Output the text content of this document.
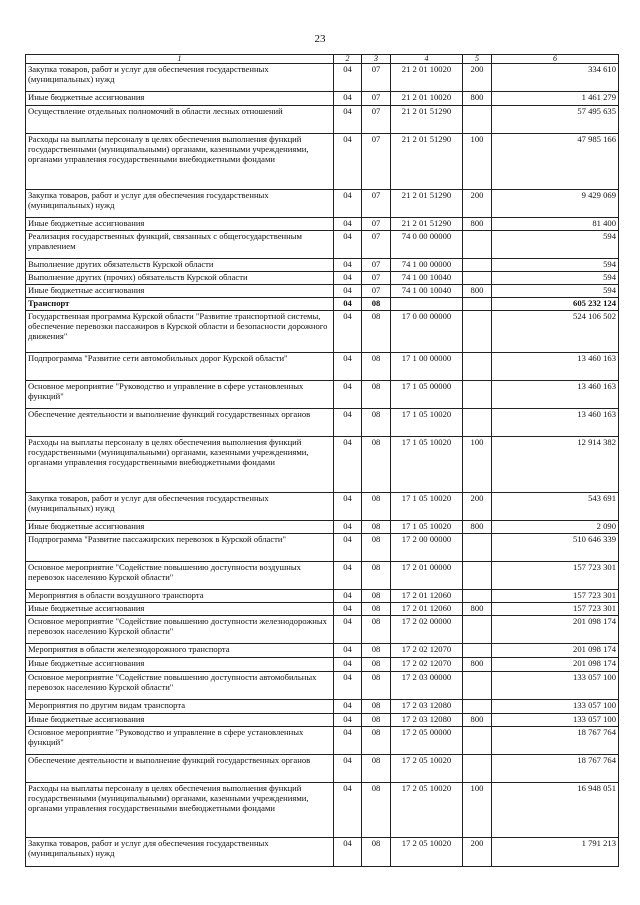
23
1	2	3	4	5	6
Закупка товаров, работ и услуг для обеспечения государственных (муниципальных) нужд	04	07	21 2 01 10020	200	334 610
Иные бюджетные ассигнования	04	07	21 2 01 10020	800	1 461 279
Осуществление отдельных полномочий в области лесных отношений	04	07	21 2 01 51290		57 495 635
Расходы на выплаты персоналу в целях обеспечения выполнения функций государственными (муниципальными) органами, казенными учреждениями, органами управления государственными внебюджетными фондами	04	07	21 2 01 51290	100	47 985 166
Закупка товаров, работ и услуг для обеспечения государственных (муниципальных) нужд	04	07	21 2 01 51290	200	9 429 069
Иные бюджетные ассигнования	04	07	21 2 01 51290	800	81 400
Реализация государственных функций, связанных с общегосударственным управлением	04	07	74 0 00 00000		594
Выполнение других обязательств Курской области	04	07	74 1 00 00000		594
Выполнение других (прочих) обязательств Курской области	04	07	74 1 00 10040		594
Иные бюджетные ассигнования	04	07	74 1 00 10040	800	594
Транспорт	04	08			605 232 124
Государственная программа Курской области "Развитие транспортной системы, обеспечение перевозки пассажиров в Курской области и безопасности дорожного движения"	04	08	17 0 00 00000		524 106 502
Подпрограмма "Развитие сети автомобильных дорог Курской области"	04	08	17 1 00 00000		13 460 163
Основное мероприятие "Руководство и управление в сфере установленных функций"	04	08	17 1 05 00000		13 460 163
Обеспечение деятельности и выполнение функций государственных органов	04	08	17 1 05 10020		13 460 163
Расходы на выплаты персоналу в целях обеспечения выполнения функций государственными (муниципальными) органами, казенными учреждениями, органами управления государственными внебюджетными фондами	04	08	17 1 05 10020	100	12 914 382
Закупка товаров, работ и услуг для обеспечения государственных (муниципальных) нужд	04	08	17 1 05 10020	200	543 691
Иные бюджетные ассигнования	04	08	17 1 05 10020	800	2 090
Подпрограмма "Развитие пассажирских перевозок в Курской области"	04	08	17 2 00 00000		510 646 339
Основное мероприятие "Содействие повышению доступности воздушных перевозок населению Курской области"	04	08	17 2 01 00000		157 723 301
Мероприятия в области воздушного транспорта	04	08	17 2 01 12060		157 723 301
Иные бюджетные ассигнования	04	08	17 2 01 12060	800	157 723 301
Основное мероприятие "Содействие повышению доступности железнодорожных перевозок населению Курской области"	04	08	17 2 02 00000		201 098 174
Мероприятия в области железнодорожного транспорта	04	08	17 2 02 12070		201 098 174
Иные бюджетные ассигнования	04	08	17 2 02 12070	800	201 098 174
Основное мероприятие "Содействие повышению доступности автомобильных перевозок населению Курской области"	04	08	17 2 03 00000		133 057 100
Мероприятия по другим видам транспорта	04	08	17 2 03 12080		133 057 100
Иные бюджетные ассигнования	04	08	17 2 03 12080	800	133 057 100
Основное мероприятие "Руководство и управление в сфере установленных функций"	04	08	17 2 05 00000		18 767 764
Обеспечение деятельности и выполнение функций государственных органов	04	08	17 2 05 10020		18 767 764
Расходы на выплаты персоналу в целях обеспечения выполнения функций государственными (муниципальными) органами, казенными учреждениями, органами управления государственными внебюджетными фондами	04	08	17 2 05 10020	100	16 948 051
Закупка товаров, работ и услуг для обеспечения государственных (муниципальных) нужд	04	08	17 2 05 10020	200	1 791 213
